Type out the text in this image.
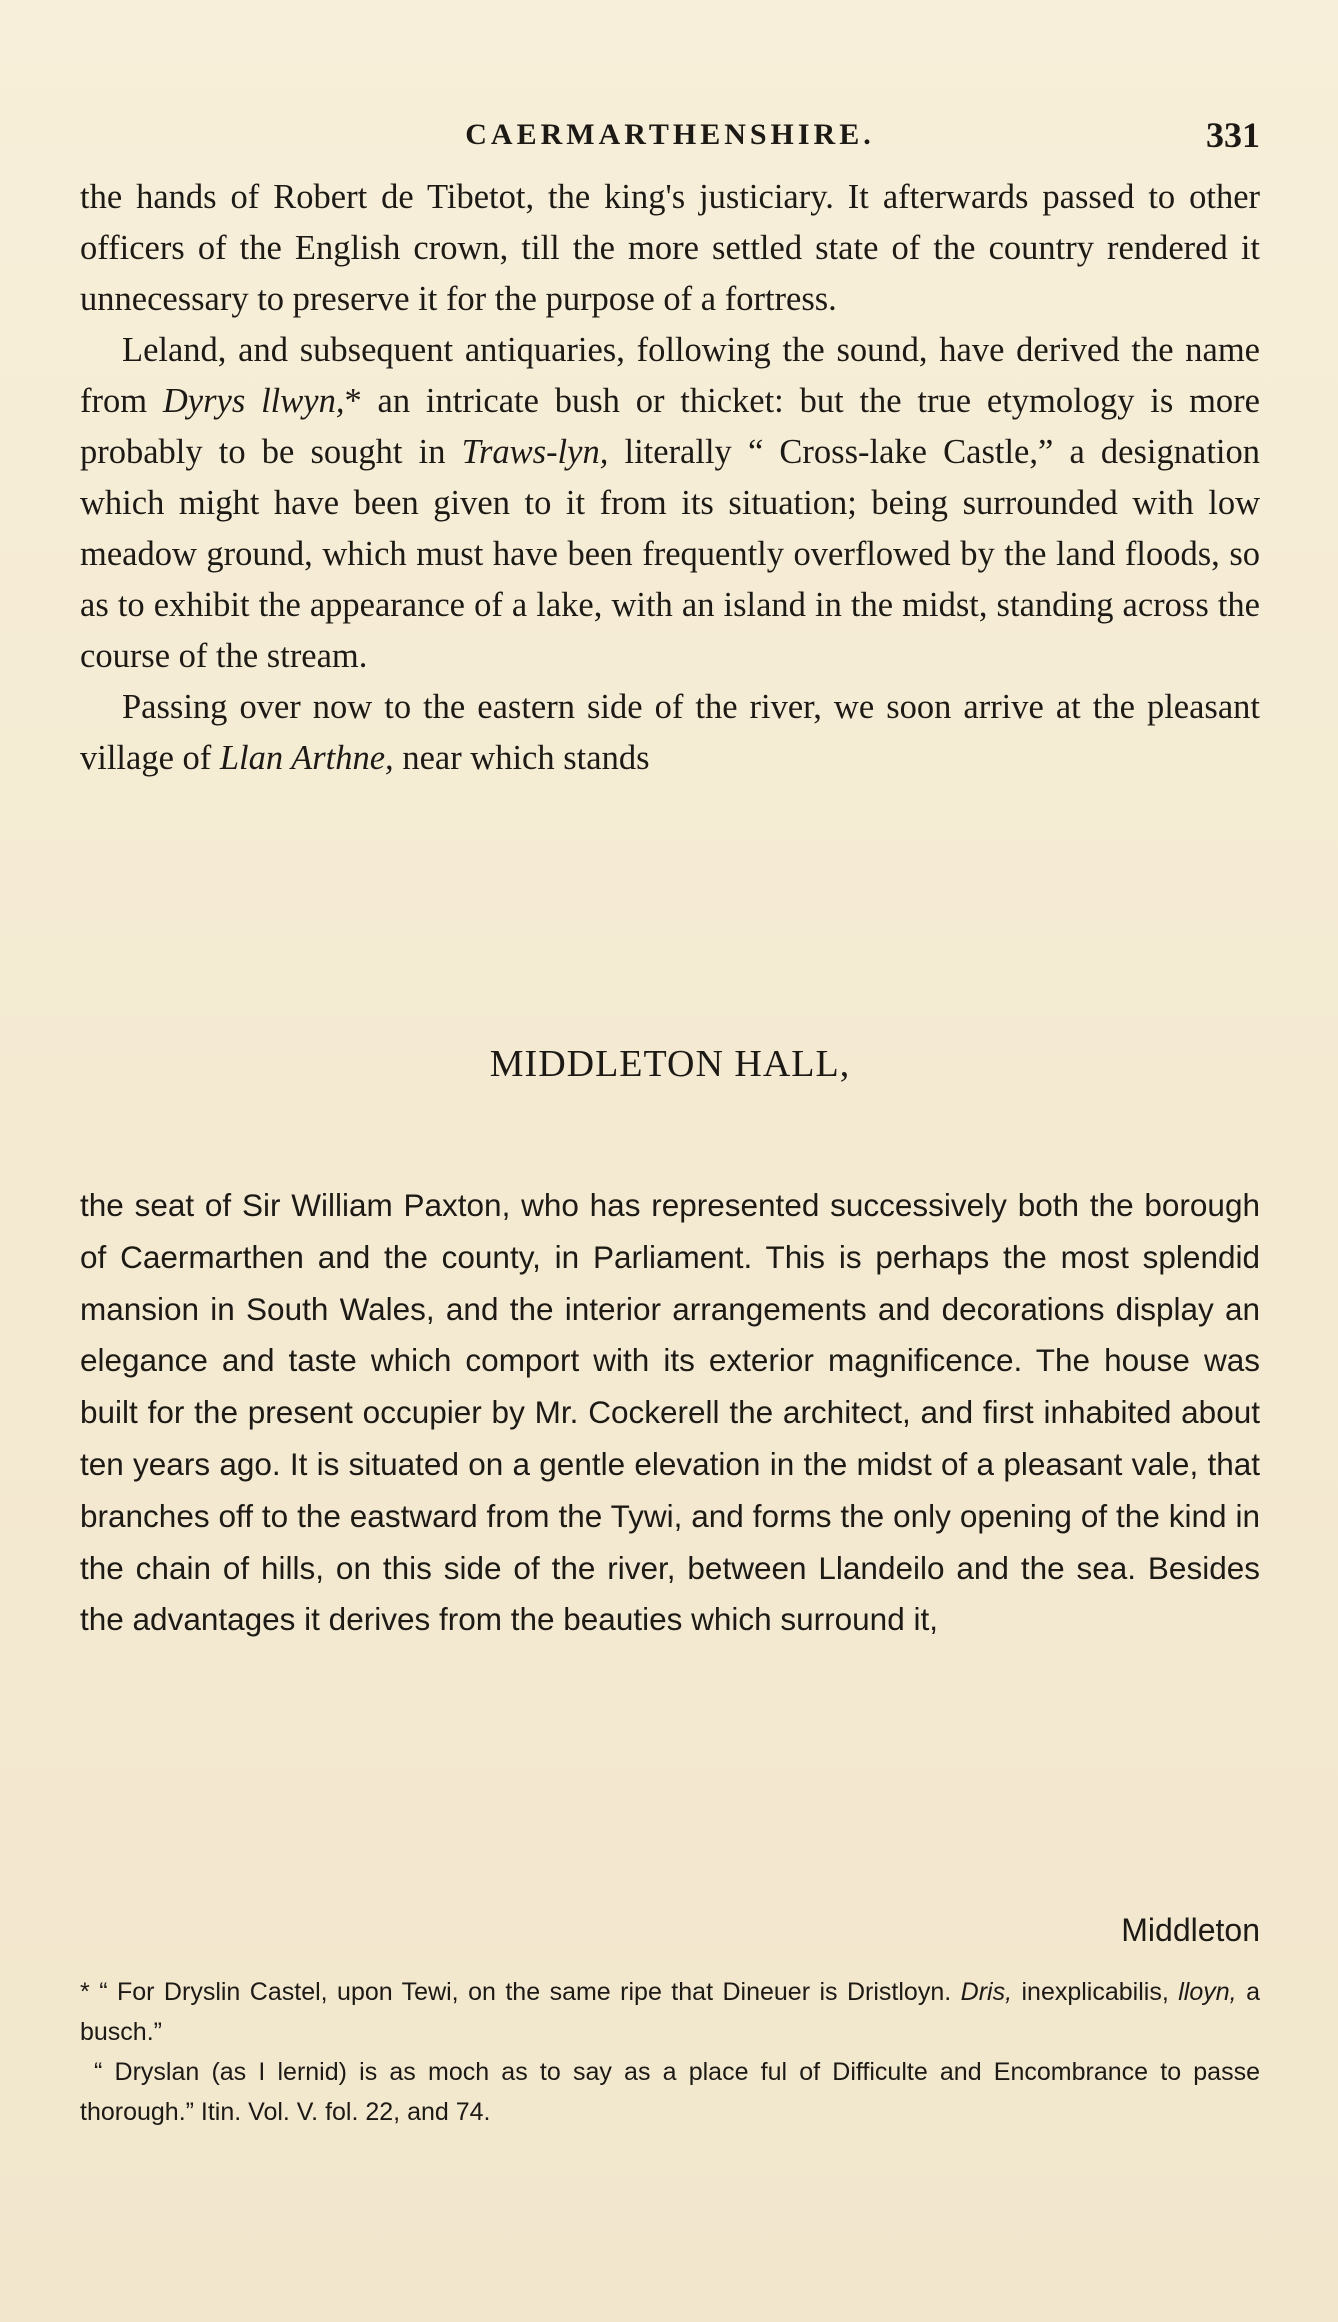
CAERMARTHENSHIRE.	331

the hands of Robert de Tibetot, the king's justiciary. It afterwards passed to other officers of the English crown, till the more settled state of the country rendered it unnecessary to preserve it for the purpose of a fortress.

Leland, and subsequent antiquaries, following the sound, have derived the name from Dyrys llwyn,* an intricate bush or thicket: but the true etymology is more probably to be sought in Traws-lyn, literally “ Cross-lake Castle,” a designation which might have been given to it from its situation; being surrounded with low meadow ground, which must have been frequently overflowed by the land floods, so as to exhibit the appearance of a lake, with an island in the midst, standing across the course of the stream.

Passing over now to the eastern side of the river, we soon arrive at the pleasant village of Llan Arthne, near which stands

MIDDLETON HALL,

the seat of Sir William Paxton, who has represented successively both the borough of Caermarthen and the county, in Parliament. This is perhaps the most splendid mansion in South Wales, and the interior arrangements and decorations display an elegance and taste which comport with its exterior magnificence. The house was built for the present occupier by Mr. Cockerell the architect, and first inhabited about ten years ago. It is situated on a gentle elevation in the midst of a pleasant vale, that branches off to the eastward from the Tywi, and forms the only opening of the kind in the chain of hills, on this side of the river, between Llandeilo and the sea. Besides the advantages it derives from the beauties which surround it,

Middleton

* “ For Dryslin Castel, upon Tewi, on the same ripe that Dineuer is Dristloyn. Dris, inexplicabilis, lloyn, a busch.”

“ Dryslan (as I lernid) is as moch as to say as a place ful of Difficulte and Encombrance to passe thorough.” Itin. Vol. V. fol. 22, and 74.
